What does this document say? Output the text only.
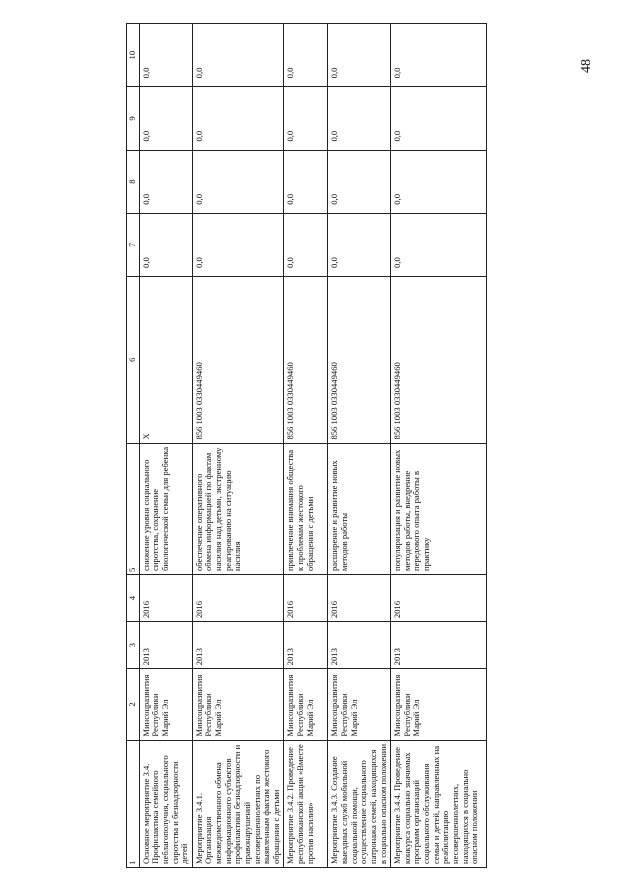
48
1	2	3	4	5	6	7	8	9	10
Основное мероприятие 3.4. Профилактика семейного неблагополучия, социального сиротства и безнадзорности детей	Минсоцразвития Республики Марий Эл	2013	2016	снижение уровня социального сиротства, сохранение биологической семьи для ребенка	Х	0,0	0,0	0,0	0,0
Мероприятие 3.4.1. Организация межведомственного обмена информационного субъектов профилактики безнадзорности и правонарушений несовершеннолетних по выявленным фактам жестокого обращения с детьми	Минсоцразвития Республики Марий Эл	2013	2016	обеспечение оперативного обмена информацией по фактам насилия над детьми, экстренному реагированию на ситуацию насилия	856 1003 0330449460	0,0	0,0	0,0	0,0
Мероприятие 3.4.2. Проведение республиканской акции «Вместе против насилия»	Минсоцразвития Республики Марий Эл	2013	2016	привлечение внимания общества к проблемам жестокого обращения с детьми	856 1003 0330449460	0,0	0,0	0,0	0,0
Мероприятие 3.4.3. Создание выездных служб мобильной социальной помощи, осуществление социального патронажа семей, находящихся в социально опасном положении	Минсоцразвития Республики Марий Эл	2013	2016	расширение и развитие новых методов работы	856 1003 0330449460	0,0	0,0	0,0	0,0
Мероприятие 3.4.4. Проведение конкурса социально значимых программ организаций социального обслуживания семьи и детей, направленных на реабилитацию несовершеннолетних, находящихся в социально опасном положении	Минсоцразвития Республики Марий Эл	2013	2016	популяризация и развитие новых методов работы, внедрение передового опыта работы в практику	856 1003 0330449460	0,0	0,0	0,0	0,0
